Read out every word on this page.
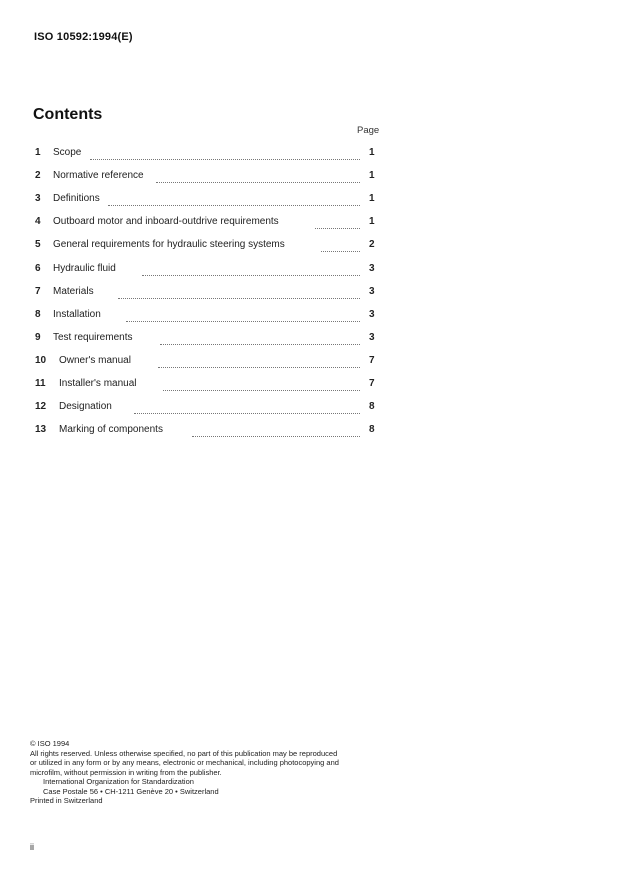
ISO 10592:1994(E)
Contents
Page
1 Scope	1
2 Normative reference	1
3 Definitions	1
4 Outboard motor and inboard-outdrive requirements	1
5 General requirements for hydraulic steering systems	2
6 Hydraulic fluid	3
7 Materials	3
8 Installation	3
9 Test requirements	3
10 Owner's manual	7
11 Installer's manual	7
12 Designation	8
13 Marking of components	8
© ISO 1994
All rights reserved. Unless otherwise specified, no part of this publication may be reproduced
or utilized in any form or by any means, electronic or mechanical, including photocopying and
microfilm, without permission in writing from the publisher.
International Organization for Standardization
Case Postale 56 • CH-1211 Genève 20 • Switzerland
Printed in Switzerland
ii
